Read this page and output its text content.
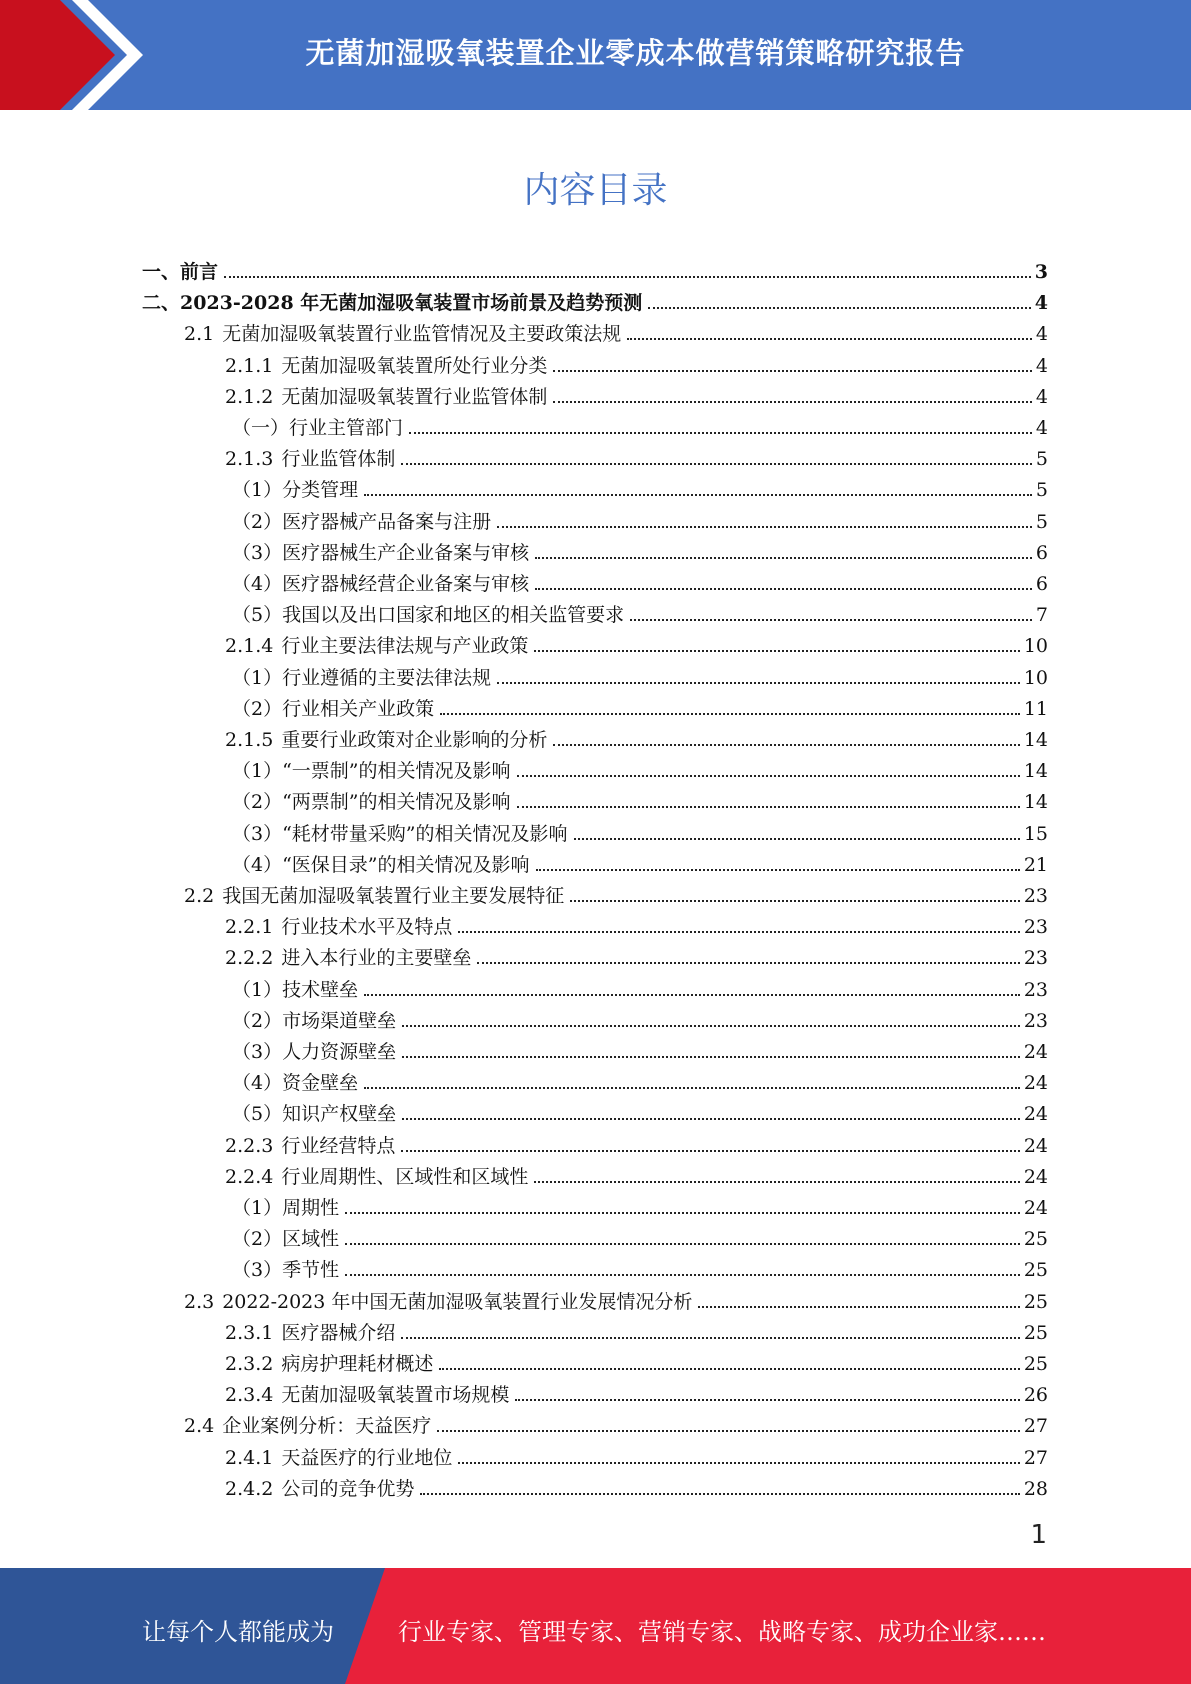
无菌加湿吸氧装置企业零成本做营销策略研究报告
内容目录
一、 前言	3
二、 2023-2028 年无菌加湿吸氧装置市场前景及趋势预测	4
2.1 无菌加湿吸氧装置行业监管情况及主要政策法规	4
2.1.1 无菌加湿吸氧装置所处行业分类	4
2.1.2 无菌加湿吸氧装置行业监管体制	4
（一）行业主管部门	4
2.1.3 行业监管体制	5
（1）分类管理	5
（2）医疗器械产品备案与注册	5
（3）医疗器械生产企业备案与审核	6
（4）医疗器械经营企业备案与审核	6
（5）我国以及出口国家和地区的相关监管要求	7
2.1.4 行业主要法律法规与产业政策	10
（1）行业遵循的主要法律法规	10
（2）行业相关产业政策	11
2.1.5 重要行业政策对企业影响的分析	14
（1）“一票制”的相关情况及影响	14
（2）“两票制”的相关情况及影响	14
（3）“耗材带量采购”的相关情况及影响	15
（4）“医保目录”的相关情况及影响	21
2.2 我国无菌加湿吸氧装置行业主要发展特征	23
2.2.1 行业技术水平及特点	23
2.2.2 进入本行业的主要壁垒	23
（1）技术壁垒	23
（2）市场渠道壁垒	23
（3）人力资源壁垒	24
（4）资金壁垒	24
（5）知识产权壁垒	24
2.2.3 行业经营特点	24
2.2.4 行业周期性、区域性和区域性	24
（1）周期性	24
（2）区域性	25
（3）季节性	25
2.3 2022-2023 年中国无菌加湿吸氧装置行业发展情况分析	25
2.3.1 医疗器械介绍	25
2.3.2 病房护理耗材概述	25
2.3.4 无菌加湿吸氧装置市场规模	26
2.4 企业案例分析：天益医疗	27
2.4.1 天益医疗的行业地位	27
2.4.2 公司的竞争优势	28
1
让每个人都能成为	行业专家、管理专家、营销专家、战略专家、成功企业家……
